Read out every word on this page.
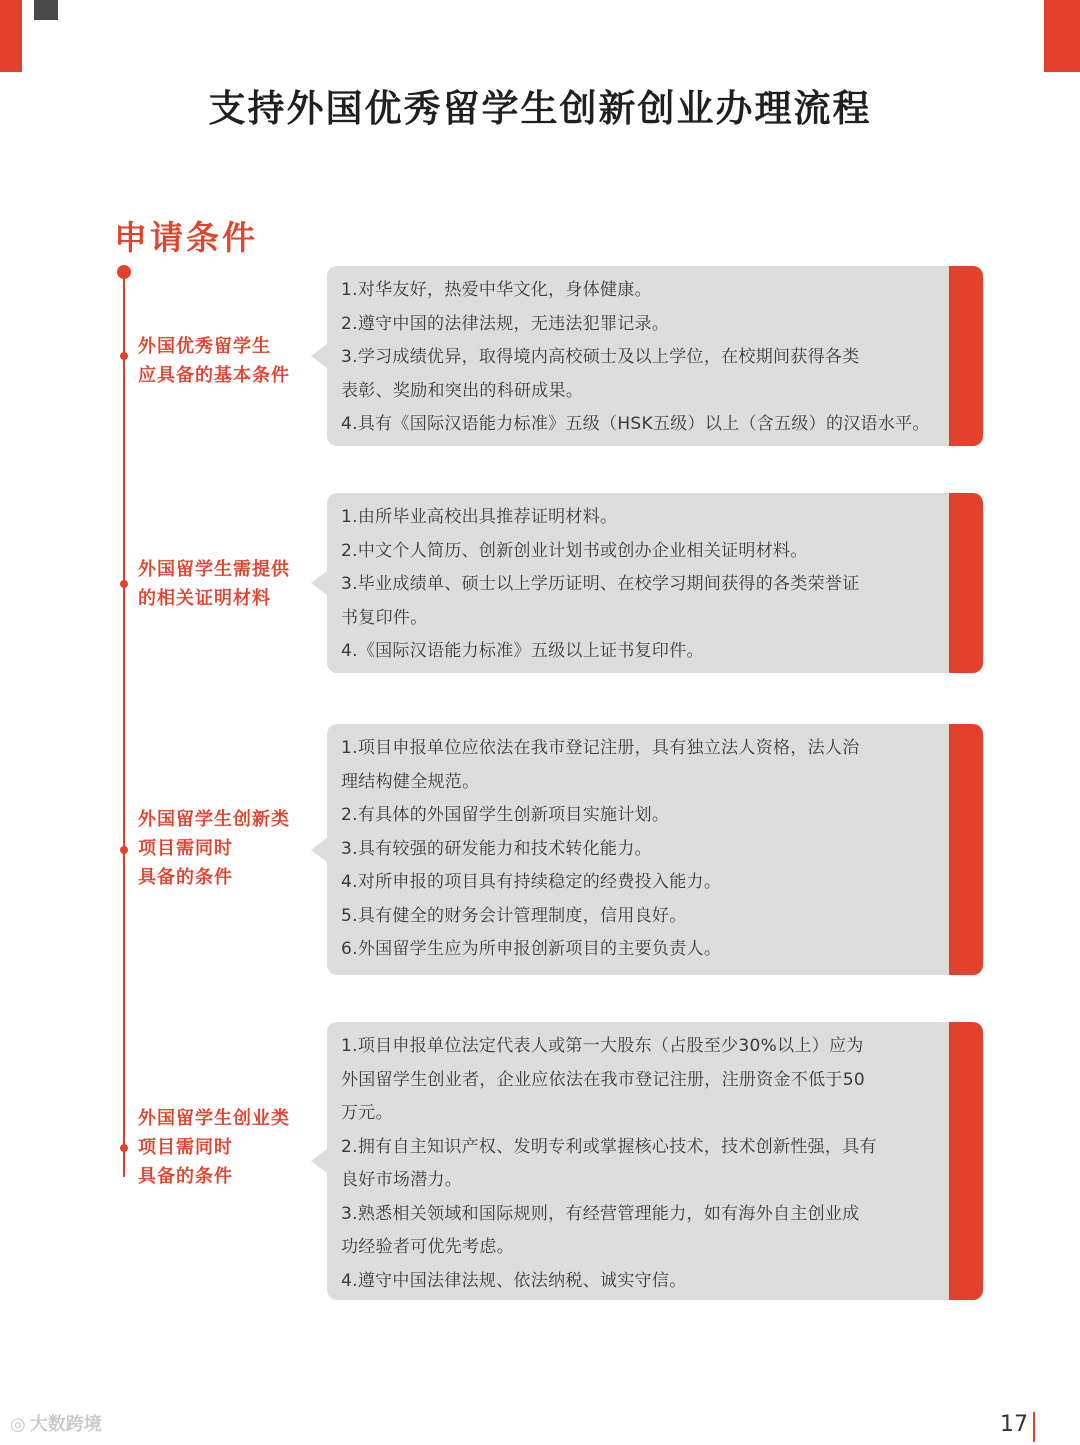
支持外国优秀留学生创新创业办理流程
申请条件
外国优秀留学生
应具备的基本条件
1.对华友好，热爱中华文化，身体健康。
2.遵守中国的法律法规，无违法犯罪记录。
3.学习成绩优异，取得境内高校硕士及以上学位，在校期间获得各类
表彰、奖励和突出的科研成果。
4.具有《国际汉语能力标准》五级（HSK五级）以上（含五级）的汉语水平。
外国留学生需提供
的相关证明材料
1.由所毕业高校出具推荐证明材料。
2.中文个人简历、创新创业计划书或创办企业相关证明材料。
3.毕业成绩单、硕士以上学历证明、在校学习期间获得的各类荣誉证
书复印件。
4.《国际汉语能力标准》五级以上证书复印件。
外国留学生创新类
项目需同时
具备的条件
1.项目申报单位应依法在我市登记注册，具有独立法人资格，法人治
理结构健全规范。
2.有具体的外国留学生创新项目实施计划。
3.具有较强的研发能力和技术转化能力。
4.对所申报的项目具有持续稳定的经费投入能力。
5.具有健全的财务会计管理制度，信用良好。
6.外国留学生应为所申报创新项目的主要负责人。
外国留学生创业类
项目需同时
具备的条件
1.项目申报单位法定代表人或第一大股东（占股至少30%以上）应为
外国留学生创业者，企业应依法在我市登记注册，注册资金不低于50
万元。
2.拥有自主知识产权、发明专利或掌握核心技术，技术创新性强，具有
良好市场潜力。
3.熟悉相关领域和国际规则，有经营管理能力，如有海外自主创业成
功经验者可优先考虑。
4.遵守中国法律法规、依法纳税、诚实守信。
◎ 大数跨境	17
